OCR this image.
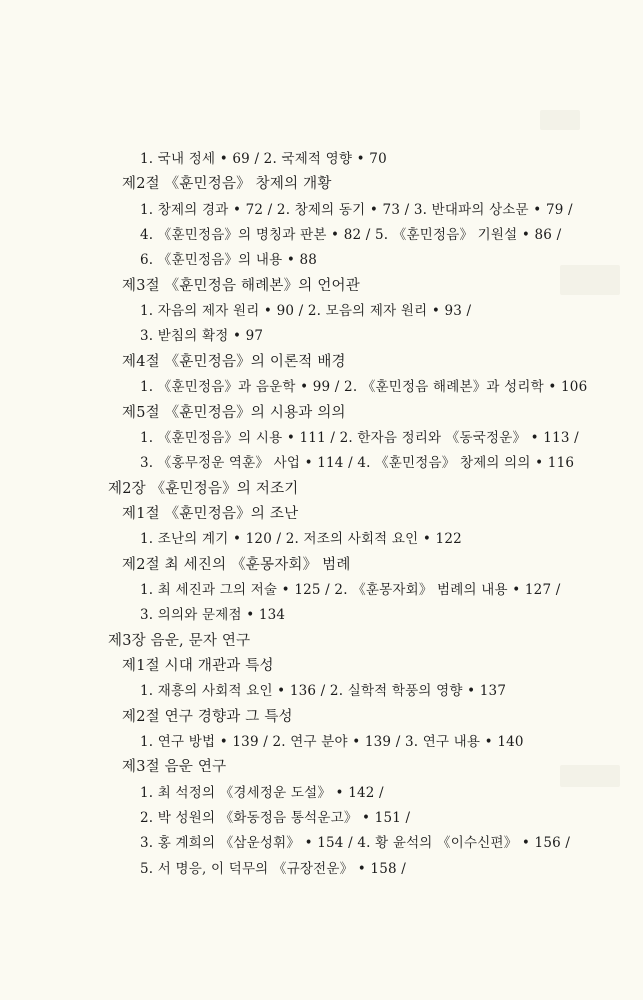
1. 국내 정세 • 69 / 2. 국제적 영향 • 70
제2절 《훈민정음》 창제의 개황
1. 창제의 경과 • 72 / 2. 창제의 동기 • 73 / 3. 반대파의 상소문 • 79 /
4. 《훈민정음》의 명칭과 판본 • 82 / 5. 《훈민정음》 기원설 • 86 /
6. 《훈민정음》의 내용 • 88
제3절 《훈민정음 해례본》의 언어관
1. 자음의 제자 원리 • 90 / 2. 모음의 제자 원리 • 93 /
3. 받침의 확정 • 97
제4절 《훈민정음》의 이론적 배경
1. 《훈민정음》과 음운학 • 99 / 2. 《훈민정음 해례본》과 성리학 • 106
제5절 《훈민정음》의 시용과 의의
1. 《훈민정음》의 시용 • 111 / 2. 한자음 정리와 《동국정운》 • 113 /
3. 《홍무정운 역훈》 사업 • 114 / 4. 《훈민정음》 창제의 의의 • 116
제2장 《훈민정음》의 저조기
제1절 《훈민정음》의 조난
1. 조난의 계기 • 120 / 2. 저조의 사회적 요인 • 122
제2절 최 세진의 《훈몽자회》 범례
1. 최 세진과 그의 저술 • 125 / 2. 《훈몽자회》 범례의 내용 • 127 /
3. 의의와 문제점 • 134
제3장 음운, 문자 연구
제1절 시대 개관과 특성
1. 재흥의 사회적 요인 • 136 / 2. 실학적 학풍의 영향 • 137
제2절 연구 경향과 그 특성
1. 연구 방법 • 139 / 2. 연구 분야 • 139 / 3. 연구 내용 • 140
제3절 음운 연구
1. 최 석정의 《경세정운 도설》 • 142 /
2. 박 성원의 《화동정음 통석운고》 • 151 /
3. 홍 계희의 《삼운성휘》 • 154 / 4. 황 윤석의 《이수신편》 • 156 /
5. 서 명응, 이 덕무의 《규장전운》 • 158 /
